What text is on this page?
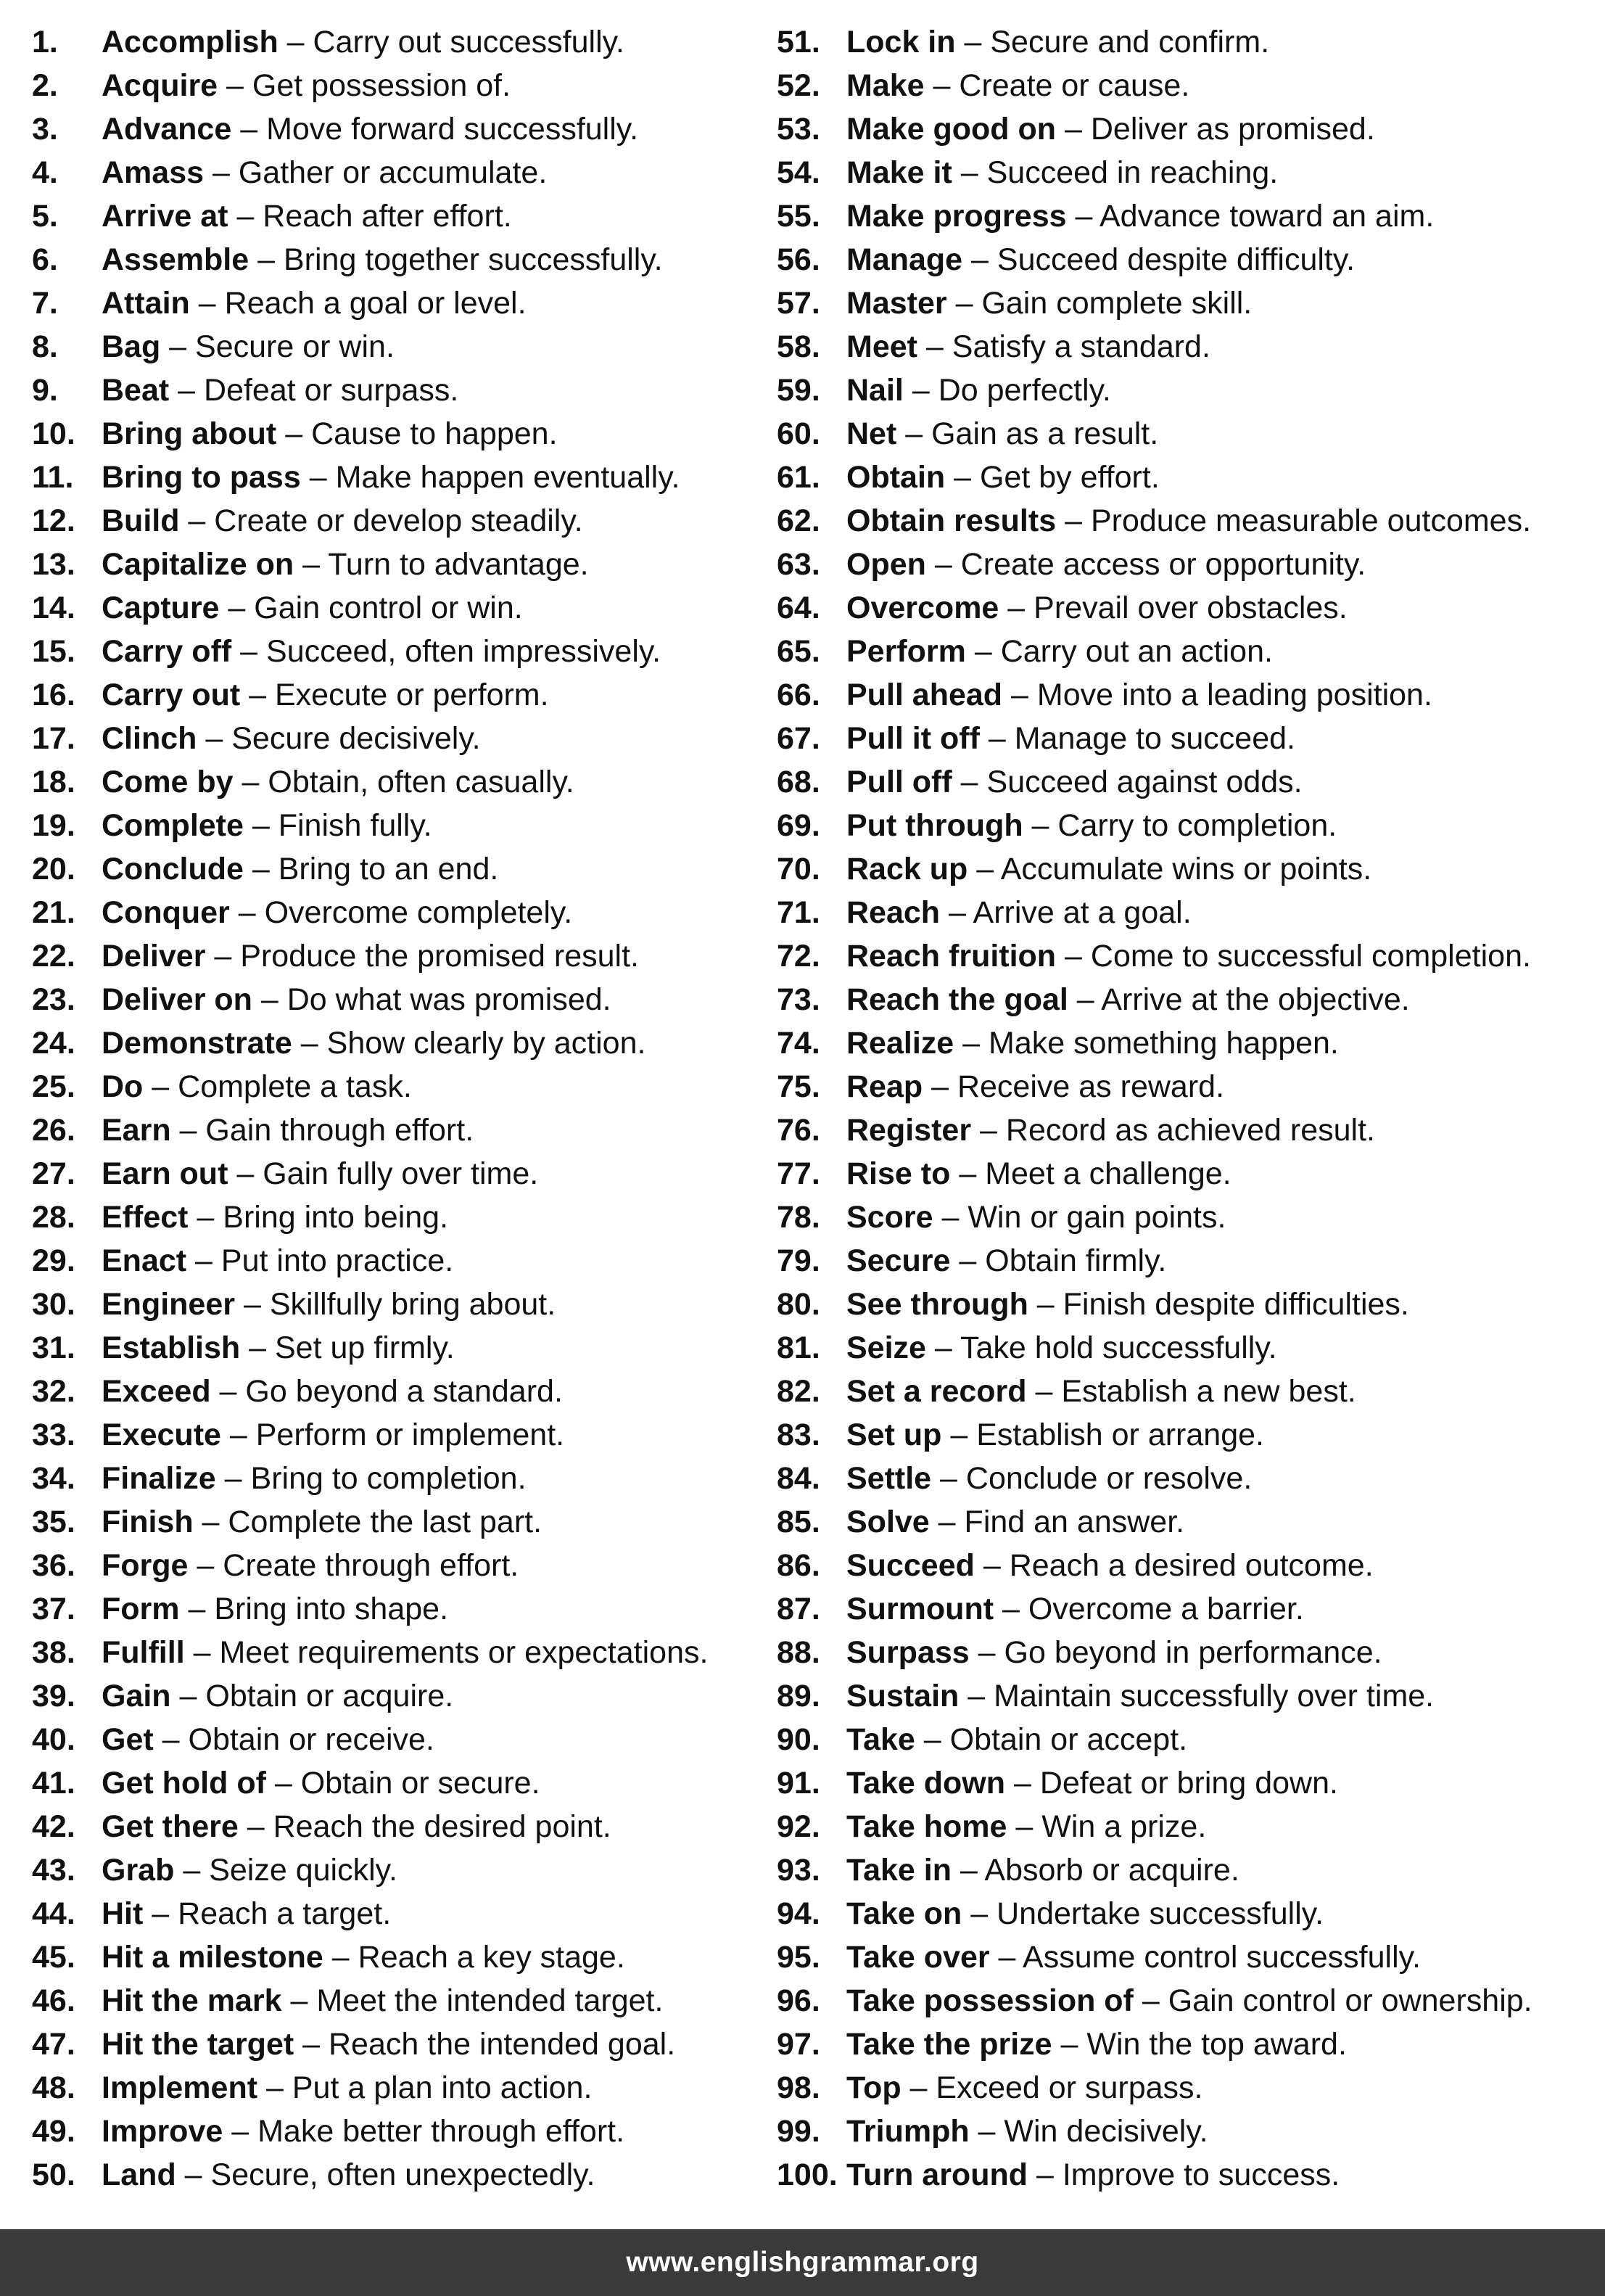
1. Accomplish – Carry out successfully.
2. Acquire – Get possession of.
3. Advance – Move forward successfully.
4. Amass – Gather or accumulate.
5. Arrive at – Reach after effort.
6. Assemble – Bring together successfully.
7. Attain – Reach a goal or level.
8. Bag – Secure or win.
9. Beat – Defeat or surpass.
10. Bring about – Cause to happen.
11. Bring to pass – Make happen eventually.
12. Build – Create or develop steadily.
13. Capitalize on – Turn to advantage.
14. Capture – Gain control or win.
15. Carry off – Succeed, often impressively.
16. Carry out – Execute or perform.
17. Clinch – Secure decisively.
18. Come by – Obtain, often casually.
19. Complete – Finish fully.
20. Conclude – Bring to an end.
21. Conquer – Overcome completely.
22. Deliver – Produce the promised result.
23. Deliver on – Do what was promised.
24. Demonstrate – Show clearly by action.
25. Do – Complete a task.
26. Earn – Gain through effort.
27. Earn out – Gain fully over time.
28. Effect – Bring into being.
29. Enact – Put into practice.
30. Engineer – Skillfully bring about.
31. Establish – Set up firmly.
32. Exceed – Go beyond a standard.
33. Execute – Perform or implement.
34. Finalize – Bring to completion.
35. Finish – Complete the last part.
36. Forge – Create through effort.
37. Form – Bring into shape.
38. Fulfill – Meet requirements or expectations.
39. Gain – Obtain or acquire.
40. Get – Obtain or receive.
41. Get hold of – Obtain or secure.
42. Get there – Reach the desired point.
43. Grab – Seize quickly.
44. Hit – Reach a target.
45. Hit a milestone – Reach a key stage.
46. Hit the mark – Meet the intended target.
47. Hit the target – Reach the intended goal.
48. Implement – Put a plan into action.
49. Improve – Make better through effort.
50. Land – Secure, often unexpectedly.
51. Lock in – Secure and confirm.
52. Make – Create or cause.
53. Make good on – Deliver as promised.
54. Make it – Succeed in reaching.
55. Make progress – Advance toward an aim.
56. Manage – Succeed despite difficulty.
57. Master – Gain complete skill.
58. Meet – Satisfy a standard.
59. Nail – Do perfectly.
60. Net – Gain as a result.
61. Obtain – Get by effort.
62. Obtain results – Produce measurable outcomes.
63. Open – Create access or opportunity.
64. Overcome – Prevail over obstacles.
65. Perform – Carry out an action.
66. Pull ahead – Move into a leading position.
67. Pull it off – Manage to succeed.
68. Pull off – Succeed against odds.
69. Put through – Carry to completion.
70. Rack up – Accumulate wins or points.
71. Reach – Arrive at a goal.
72. Reach fruition – Come to successful completion.
73. Reach the goal – Arrive at the objective.
74. Realize – Make something happen.
75. Reap – Receive as reward.
76. Register – Record as achieved result.
77. Rise to – Meet a challenge.
78. Score – Win or gain points.
79. Secure – Obtain firmly.
80. See through – Finish despite difficulties.
81. Seize – Take hold successfully.
82. Set a record – Establish a new best.
83. Set up – Establish or arrange.
84. Settle – Conclude or resolve.
85. Solve – Find an answer.
86. Succeed – Reach a desired outcome.
87. Surmount – Overcome a barrier.
88. Surpass – Go beyond in performance.
89. Sustain – Maintain successfully over time.
90. Take – Obtain or accept.
91. Take down – Defeat or bring down.
92. Take home – Win a prize.
93. Take in – Absorb or acquire.
94. Take on – Undertake successfully.
95. Take over – Assume control successfully.
96. Take possession of – Gain control or ownership.
97. Take the prize – Win the top award.
98. Top – Exceed or surpass.
99. Triumph – Win decisively.
100. Turn around – Improve to success.
www.englishgrammar.org
